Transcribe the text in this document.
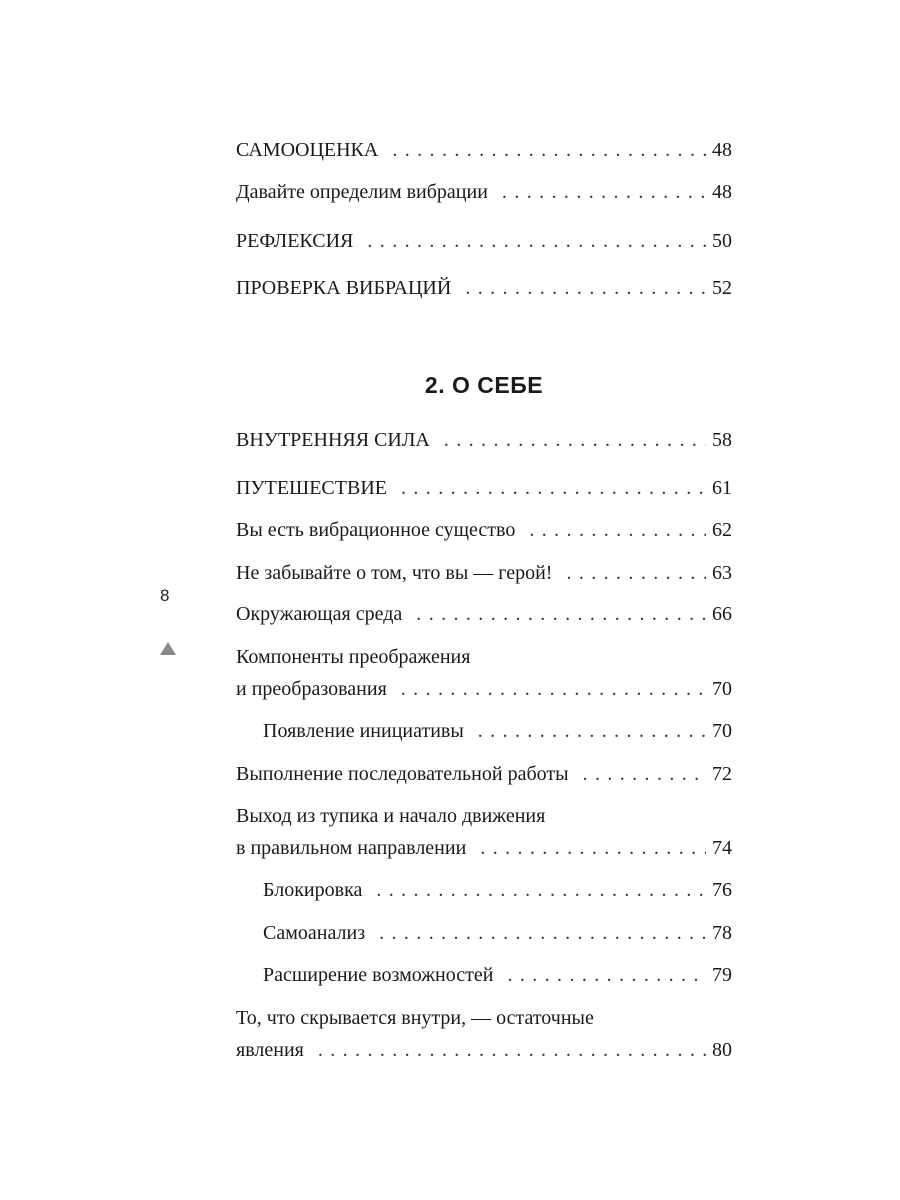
САМООЦЕНКА . . .	48
Давайте определим вибрации . . .	48
РЕФЛЕКСИЯ . . .	50
ПРОВЕРКА ВИБРАЦИЙ . . .	52
2. О СЕБЕ
ВНУТРЕННЯЯ СИЛА . . .	58
ПУТЕШЕСТВИЕ . . .	61
Вы есть вибрационное существо . . .	62
Не забывайте о том, что вы — герой! . . .	63
Окружающая среда . . .	66
Компоненты преображения
и преобразования . . .	70
Появление инициативы . . .	70
Выполнение последовательной работы . . .	72
Выход из тупика и начало движения
в правильном направлении . . .	74
Блокировка . . .	76
Самоанализ . . .	78
Расширение возможностей . . .	79
То, что скрывается внутри, — остаточные
явления . . .	80
8
